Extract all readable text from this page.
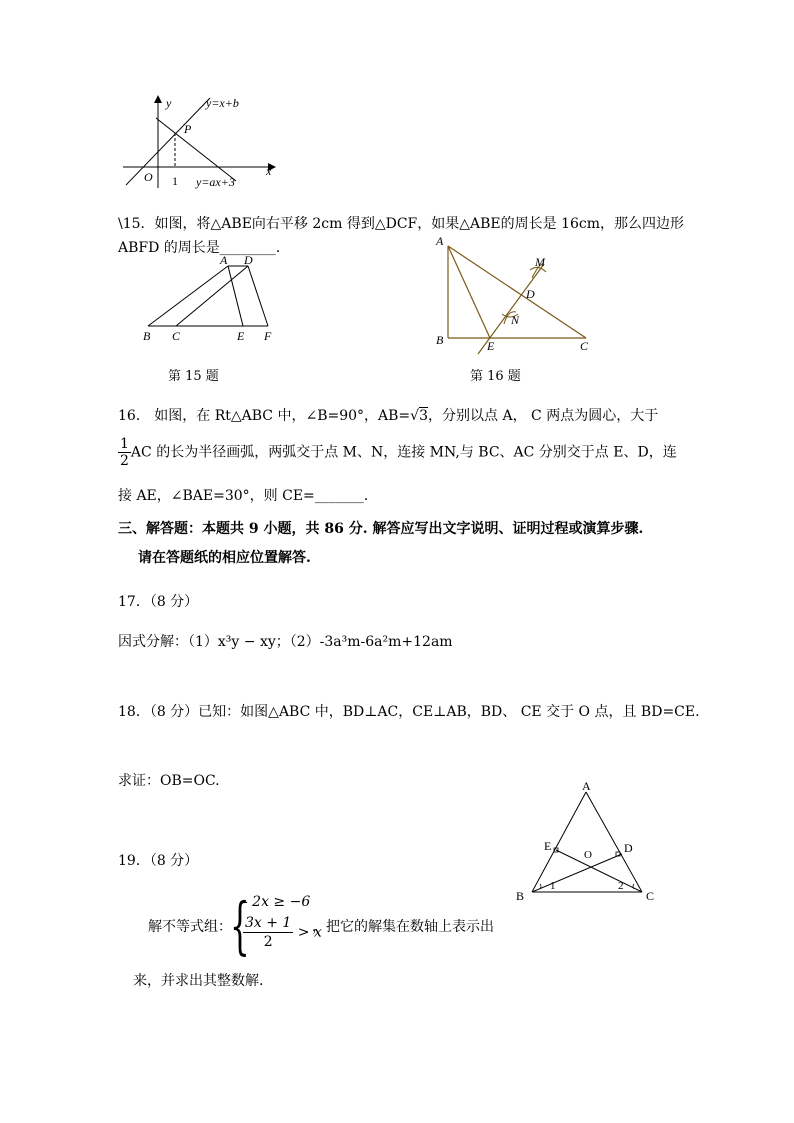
y	y=x+b
P
x
O 1 y=ax+3
\15．如图，将△ABE向右平移 2cm 得到△DCF，如果△ABE的周长是 16cm，那么四边形
ABFD 的周长是________.
A D
B C	E F
第 15 题
A
M
D
N
B	E	C
第 16 题
16． 如图，在 Rt△ABC 中，∠B=90°，AB=√3，分别以点 A， C 两点为圆心，大于
$\frac{1}{2}$ AC 的长为半径画弧，两弧交于点 M、N，连接 MN,与 BC、AC 分别交于点 E、D，连
接 AE，∠BAE=30°，则 CE=_______.
三、解答题：本题共 9 小题，共 86 分. 解答应写出文字说明、证明过程或演算步骤.
请在答题纸的相应位置解答.
17．（8 分）
因式分解：（1）x³y − xy；（2）-3a³m-6a²m+12am
18．（8 分）已知：如图△ABC 中，BD⊥AC，CE⊥AB，BD、 CE 交于 O 点，且 BD=CE.
求证：OB=OC.	A
E	D
O
1	2
B	C
19．（8 分）
解不等式组：
{
- 2x ≥ −6
$\frac{3x + 1}{2} > x$
，把它的解集在数轴上表示出
来，并求出其整数解.
